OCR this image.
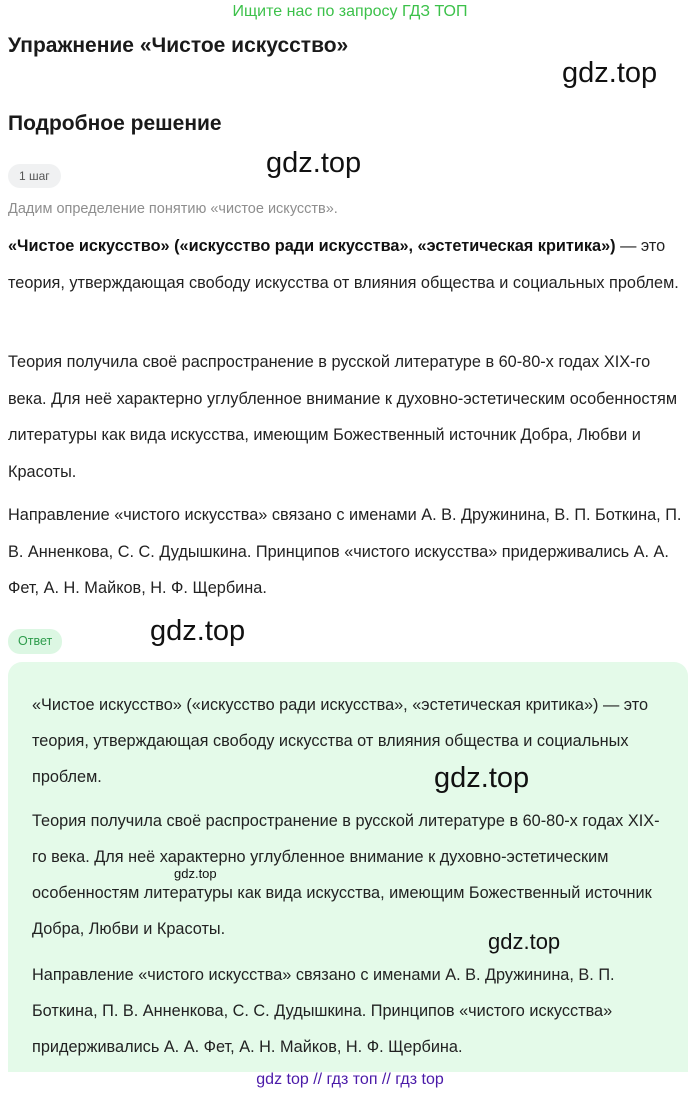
Ищите нас по запросу ГДЗ ТОП
Упражнение «Чистое искусство»
gdz.top
Подробное решение
gdz.top
1 шаг
Дадим определение понятию «чистое искусств».

«Чистое искусство» («искусство ради искусства», «эстетическая критика») — это теория, утверждающая свободу искусства от влияния общества и социальных проблем.

Теория получила своё распространение в русской литературе в 60-80-х годах XIX-го века. Для неё характерно углубленное внимание к духовно-эстетическим особенностям литературы как вида искусства, имеющим Божественный источник Добра, Любви и Красоты.

Направление «чистого искусства» связано с именами А. В. Дружинина, В. П. Боткина, П. В. Анненкова, С. С. Дудышкина. Принципов «чистого искусства» придерживались А. А. Фет, А. Н. Майков, Н. Ф. Щербина.

Ответ	gdz.top

«Чистое искусство» («искусство ради искусства», «эстетическая критика») — это теория, утверждающая свободу искусства от влияния общества и социальных проблем.

Теория получила своё распространение в русской литературе в 60-80-х годах XIX-го века. Для неё характерно углубленное внимание к духовно-эстетическим особенностям литературы как вида искусства, имеющим Божественный источник Добра, Любви и Красоты.

Направление «чистого искусства» связано с именами А. В. Дружинина, В. П. Боткина, П. В. Анненкова, С. С. Дудышкина. Принципов «чистого искусства» придерживались А. А. Фет, А. Н. Майков, Н. Ф. Щербина.

gdz.top
gdz.top
gdz.top
gdz top // гдз топ // гдз top
